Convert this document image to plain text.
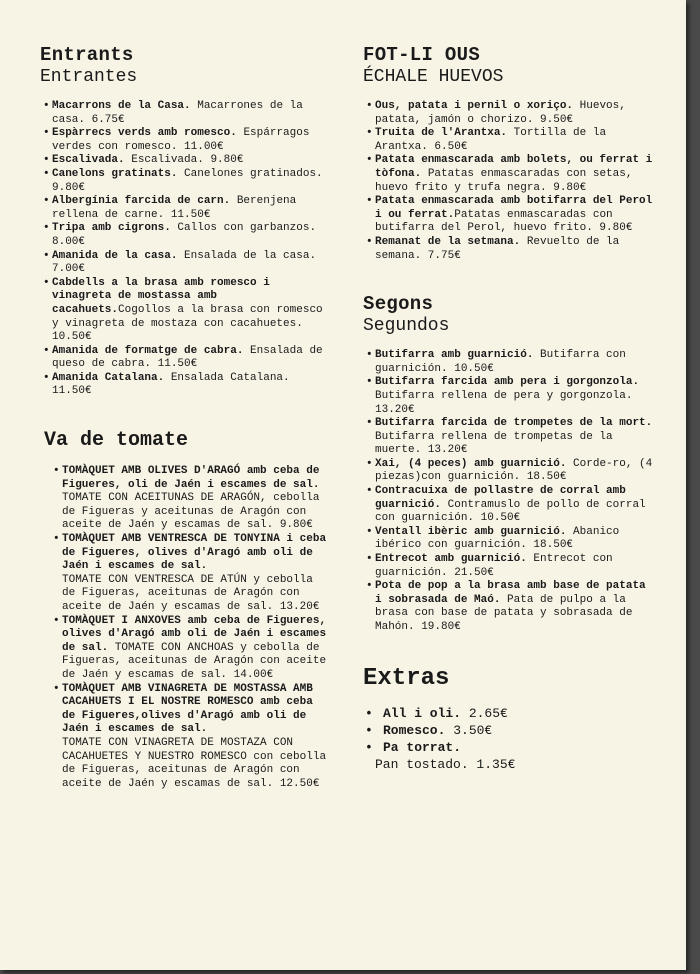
Entrants
Entrantes
• Macarrons de la Casa. Macarrones de la casa. 6.75€
• Espàrrecs verds amb romesco. Espárragos verdes con romesco. 11.00€
• Escalivada. Escalivada. 9.80€
• Canelons gratinats. Canelones gratinados. 9.80€
• Albergínia farcida de carn. Berenjena rellena de carne. 11.50€
• Tripa amb cigrons. Callos con garbanzos. 8.00€
• Amanida de la casa. Ensalada de la casa. 7.00€
• Cabdells a la brasa amb romesco i vinagreta de mostassa amb cacahuets.Cogollos a la brasa con romesco y vinagreta de mostaza con cacahuetes. 10.50€
• Amanida de formatge de cabra. Ensalada de queso de cabra. 11.50€
• Amanida Catalana. Ensalada Catalana. 11.50€
Va de tomate
• TOMÀQUET AMB OLIVES D'ARAGÓ amb ceba de Figueres, oli de Jaén i escames de sal.
TOMATE CON ACEITUNAS DE ARAGÓN, cebolla de Figueras y aceitunas de Aragón con aceite de Jaén y escamas de sal. 9.80€
• TOMÀQUET AMB VENTRESCA DE TONYINA i ceba de Figueres, olives d'Aragó amb oli de Jaén i escames de sal.
TOMATE CON VENTRESCA DE ATÚN y cebolla de Figueras, aceitunas de Aragón con aceite de Jaén y escamas de sal. 13.20€
• TOMÀQUET I ANXOVES amb ceba de Figueres, olives d'Aragó amb oli de Jaén i escames de sal. TOMATE CON ANCHOAS y cebolla de Figueras, aceitunas de Aragón con aceite de Jaén y escamas de sal. 14.00€
• TOMÀQUET AMB VINAGRETA DE MOSTASSA AMB CACAHUETS I EL NOSTRE ROMESCO amb ceba de Figueres,olives d'Aragó amb oli de Jaén i escames de sal.
TOMATE CON VINAGRETA DE MOSTAZA CON CACAHUETES Y NUESTRO ROMESCO con cebolla de Figueras, aceitunas de Aragón con aceite de Jaén y escamas de sal. 12.50€
FOT-LI OUS
ÉCHALE HUEVOS
• Ous, patata i pernil o xoriço. Huevos, patata, jamón o chorizo. 9.50€
• Truita de l'Arantxa. Tortilla de la Arantxa. 6.50€
• Patata enmascarada amb bolets, ou ferrat i tòfona. Patatas enmascaradas con setas, huevo frito y trufa negra. 9.80€
• Patata enmascarada amb botifarra del Perol i ou ferrat.Patatas enmascaradas con butifarra del Perol, huevo frito. 9.80€
• Remanat de la setmana. Revuelto de la semana. 7.75€
Segons
Segundos
• Butifarra amb guarnició. Butifarra con guarnición. 10.50€
• Butifarra farcida amb pera i gorgonzola. Butifarra rellena de pera y gorgonzola. 13.20€
• Butifarra farcida de trompetes de la mort. Butifarra rellena de trompetas de la muerte. 13.20€
• Xai, (4 peces) amb guarnició. Corde-ro, (4 piezas)con guarnición. 18.50€
• Contracuixa de pollastre de corral amb guarnició. Contramuslo de pollo de corral con guarnición. 10.50€
• Ventall ibèric amb guarnició. Abanico ibérico con guarnición. 18.50€
• Entrecot amb guarnició. Entrecot con guarnición. 21.50€
• Pota de pop a la brasa amb base de patata i sobrasada de Maó. Pata de pulpo a la brasa con base de patata y sobrasada de Mahón. 19.80€
Extras
• All i oli. 2.65€
• Romesco. 3.50€
• Pa torrat.
Pan tostado. 1.35€
